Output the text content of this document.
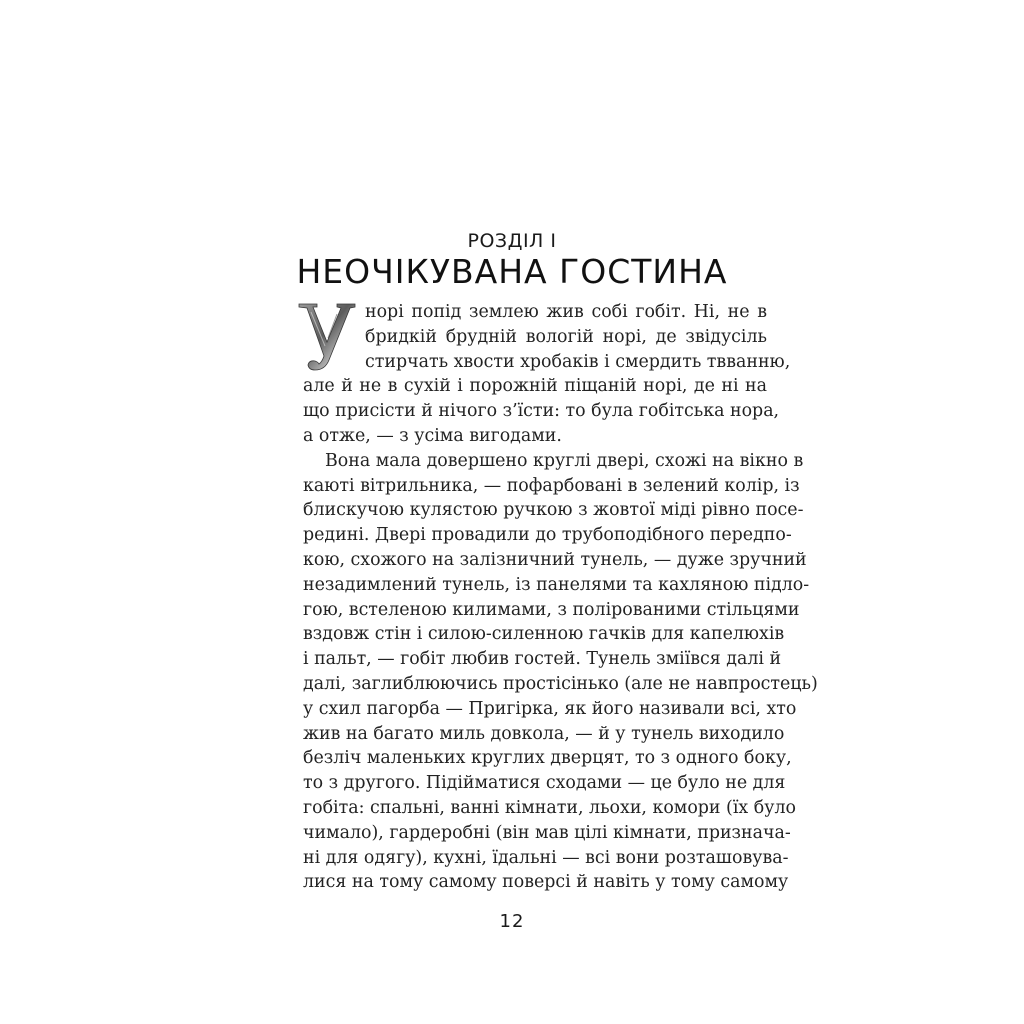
РОЗДІЛ І
НЕОЧІКУВАНА ГОСТИНА
норі попід землею жив собі гобіт. Ні, не в
бридкій брудній вологій норі, де звідусіль
стирчать хвости хробаків і смердить твванню,
але й не в сухій і порожній піщаній норі, де ні на
що присісти й нічого з’їсти: то була гобітська нора,
а отже, — з усіма вигодами.
Вона мала довершено круглі двері, схожі на вікно в
каюті вітрильника, — пофарбовані в зелений колір, із
блискучою кулястою ручкою з жовтої міді рівно посе-
редині. Двері провадили до трубоподібного передпо-
кою, схожого на залізничний тунель, — дуже зручний
незадимлений тунель, із панелями та кахляною підло-
гою, встеленою килимами, з полірованими стільцями
вздовж стін і силою-силенною гачків для капелюхів
і пальт, — гобіт любив гостей. Тунель зміївся далі й
далі, заглиблюючись простісінько (але не навпростець)
у схил пагорба — Пригірка, як його називали всі, хто
жив на багато миль довкола, — й у тунель виходило
безліч маленьких круглих дверцят, то з одного боку,
то з другого. Підійматися сходами — це було не для
гобіта: спальні, ванні кімнати, льохи, комори (їх було
чимало), гардеробні (він мав цілі кімнати, признача-
ні для одягу), кухні, їдальні — всі вони розташовува-
лися на тому самому поверсі й навіть у тому самому
12
